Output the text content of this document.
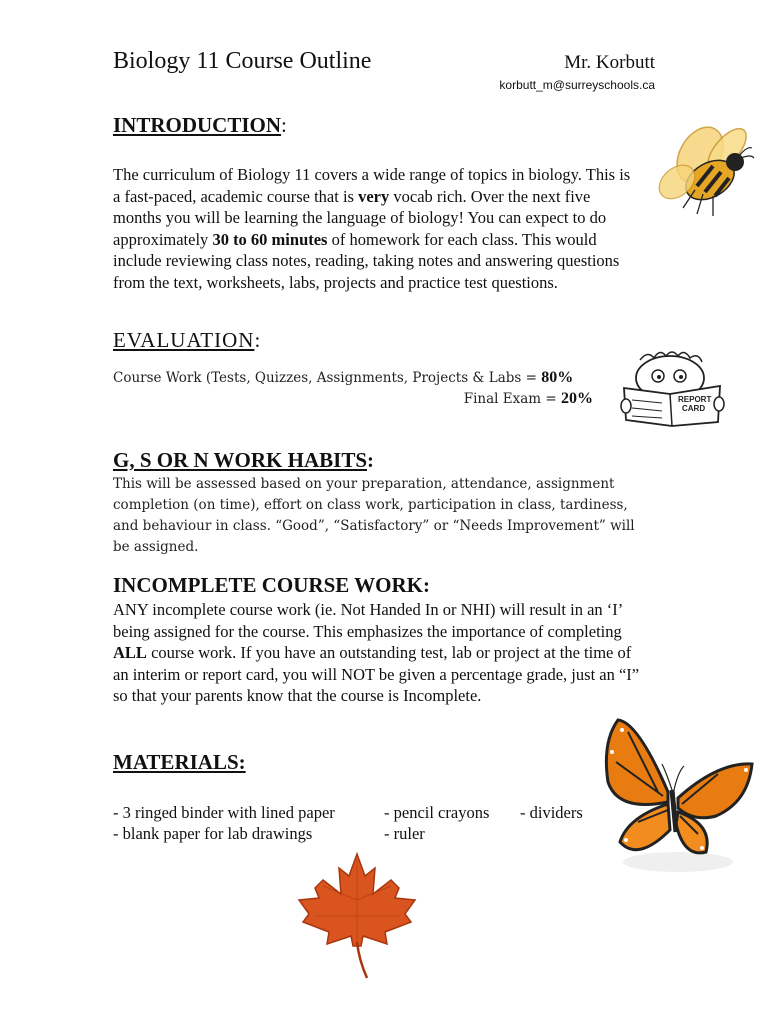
Biology 11 Course Outline	Mr. Korbutt
korbutt_m@surreyschools.ca
INTRODUCTION:
The curriculum of Biology 11 covers a wide range of topics in biology. This is a fast-paced, academic course that is very vocab rich. Over the next five months you will be learning the language of biology! You can expect to do approximately 30 to 60 minutes of homework for each class. This would include reviewing class notes, reading, taking notes and answering questions from the text, worksheets, labs, projects and practice test questions.
EVALUATION:
Course Work (Tests, Quizzes, Assignments, Projects & Labs = 80%
Final Exam = 20%	REPORT
CARD
G, S OR N WORK HABITS:
This will be assessed based on your preparation, attendance, assignment completion (on time), effort on class work, participation in class, tardiness, and behaviour in class. “Good”, “Satisfactory” or “Needs Improvement” will be assigned.
INCOMPLETE COURSE WORK:
ANY incomplete course work (ie. Not Handed In or NHI) will result in an ‘I’ being assigned for the course. This emphasizes the importance of completing ALL course work. If you have an outstanding test, lab or project at the time of an interim or report card, you will NOT be given a percentage grade, just an “I” so that your parents know that the course is Incomplete.
MATERIALS:
- 3 ringed binder with lined paper	- pencil crayons - dividers
- blank paper for lab drawings	- ruler
